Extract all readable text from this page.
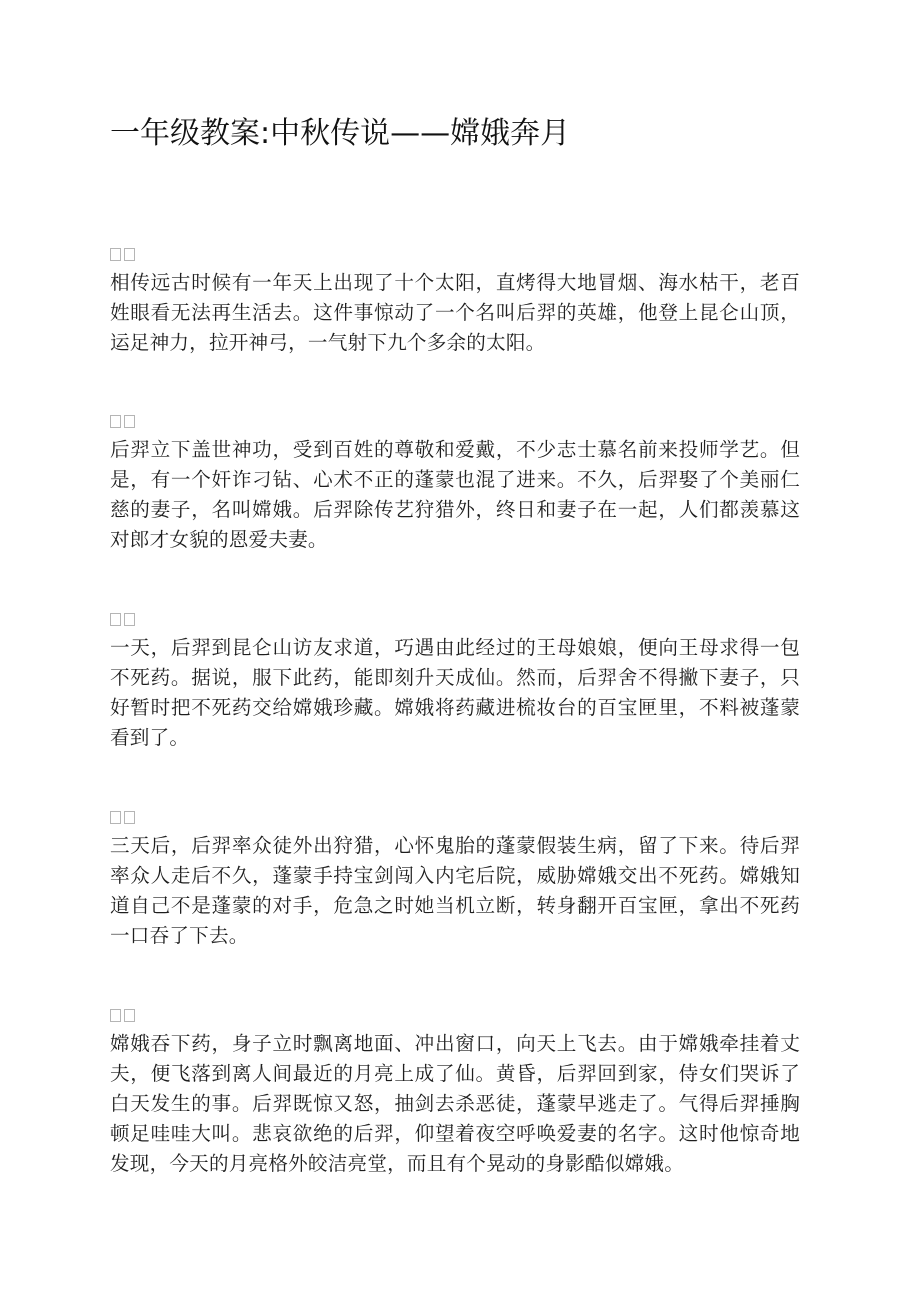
一年级教案:中秋传说——嫦娥奔月

相传远古时候有一年天上出现了十个太阳，直烤得大地冒烟、海水枯干，老百姓眼看无法再生活去。这件事惊动了一个名叫后羿的英雄，他登上昆仑山顶，运足神力，拉开神弓，一气射下九个多余的太阳。

后羿立下盖世神功，受到百姓的尊敬和爱戴，不少志士慕名前来投师学艺。但是，有一个奸诈刁钻、心术不正的蓬蒙也混了进来。不久，后羿娶了个美丽仁慈的妻子，名叫嫦娥。后羿除传艺狩猎外，终日和妻子在一起，人们都羡慕这对郎才女貌的恩爱夫妻。

一天，后羿到昆仑山访友求道，巧遇由此经过的王母娘娘，便向王母求得一包不死药。据说，服下此药，能即刻升天成仙。然而，后羿舍不得撇下妻子，只好暂时把不死药交给嫦娥珍藏。嫦娥将药藏进梳妆台的百宝匣里，不料被蓬蒙看到了。

三天后，后羿率众徒外出狩猎，心怀鬼胎的蓬蒙假装生病，留了下来。待后羿率众人走后不久，蓬蒙手持宝剑闯入内宅后院，威胁嫦娥交出不死药。嫦娥知道自己不是蓬蒙的对手，危急之时她当机立断，转身翻开百宝匣，拿出不死药一口吞了下去。

嫦娥吞下药，身子立时飘离地面、冲出窗口，向天上飞去。由于嫦娥牵挂着丈夫，便飞落到离人间最近的月亮上成了仙。黄昏，后羿回到家，侍女们哭诉了白天发生的事。后羿既惊又怒，抽剑去杀恶徒，蓬蒙早逃走了。气得后羿捶胸顿足哇哇大叫。悲哀欲绝的后羿，仰望着夜空呼唤爱妻的名字。这时他惊奇地发现，今天的月亮格外皎洁亮堂，而且有个晃动的身影酷似嫦娥。
